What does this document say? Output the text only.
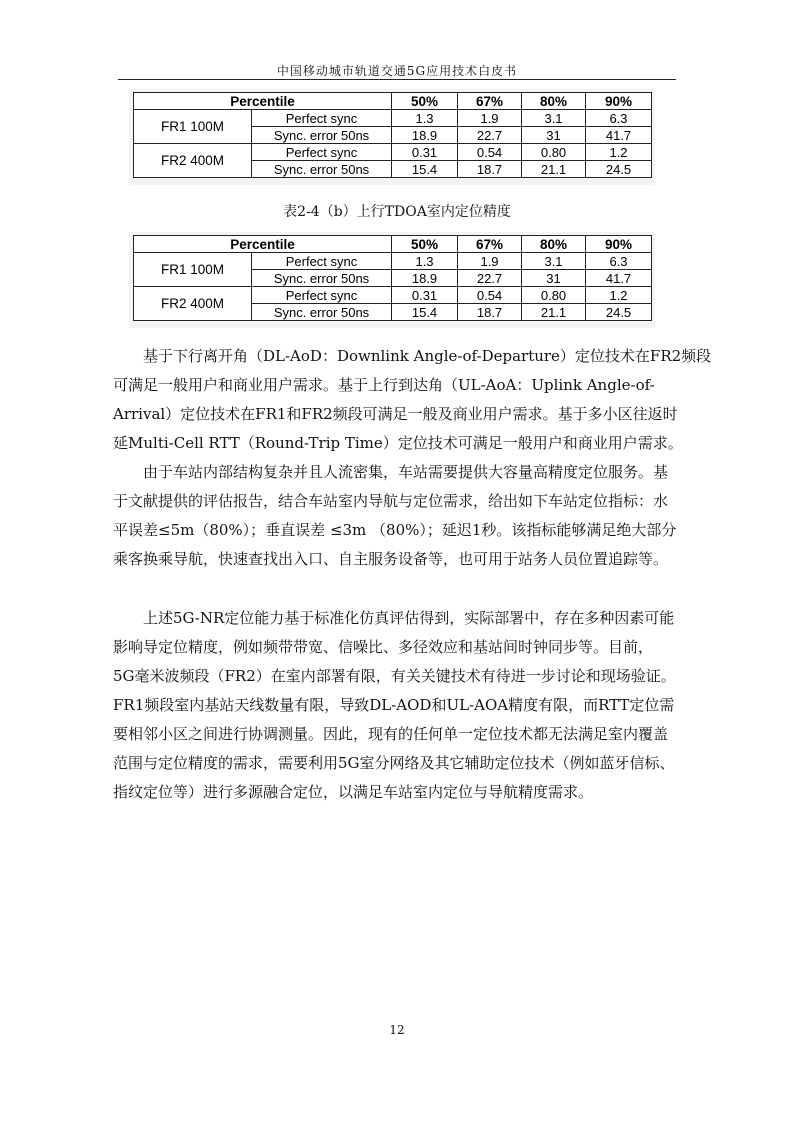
中国移动城市轨道交通5G应用技术白皮书
Percentile		50%	67%	80%	90%
FR1 100M	Perfect sync	1.3	1.9	3.1	6.3
	Sync. error 50ns	18.9	22.7	31	41.7
FR2 400M	Perfect sync	0.31	0.54	0.80	1.2
	Sync. error 50ns	15.4	18.7	21.1	24.5
表2-4（b）上行TDOA室内定位精度
Percentile		50%	67%	80%	90%
FR1 100M	Perfect sync	1.3	1.9	3.1	6.3
	Sync. error 50ns	18.9	22.7	31	41.7
FR2 400M	Perfect sync	0.31	0.54	0.80	1.2
	Sync. error 50ns	15.4	18.7	21.1	24.5

基于下行离开角（DL-AoD：Downlink Angle-of-Departure）定位技术在FR2频段
可满足一般用户和商业用户需求。基于上行到达角（UL-AoA：Uplink Angle-of-
Arrival）定位技术在FR1和FR2频段可满足一般及商业用户需求。基于多小区往返时
延Multi-Cell RTT（Round-Trip Time）定位技术可满足一般用户和商业用户需求。

由于车站内部结构复杂并且人流密集，车站需要提供大容量高精度定位服务。基
于文献提供的评估报告，结合车站室内导航与定位需求，给出如下车站定位指标：水
平误差≤5m（80%）；垂直误差 ≤3m （80%）；延迟1秒。该指标能够满足绝大部分
乘客换乘导航，快速查找出入口、自主服务设备等，也可用于站务人员位置追踪等。

上述5G-NR定位能力基于标准化仿真评估得到，实际部署中，存在多种因素可能
影响导定位精度，例如频带带宽、信噪比、多径效应和基站间时钟同步等。目前，
5G毫米波频段（FR2）在室内部署有限，有关关键技术有待进一步讨论和现场验证。
FR1频段室内基站天线数量有限，导致DL-AOD和UL-AOA精度有限，而RTT定位需
要相邻小区之间进行协调测量。因此，现有的任何单一定位技术都无法满足室内覆盖
范围与定位精度的需求，需要利用5G室分网络及其它辅助定位技术（例如蓝牙信标、
指纹定位等）进行多源融合定位，以满足车站室内定位与导航精度需求。

12
